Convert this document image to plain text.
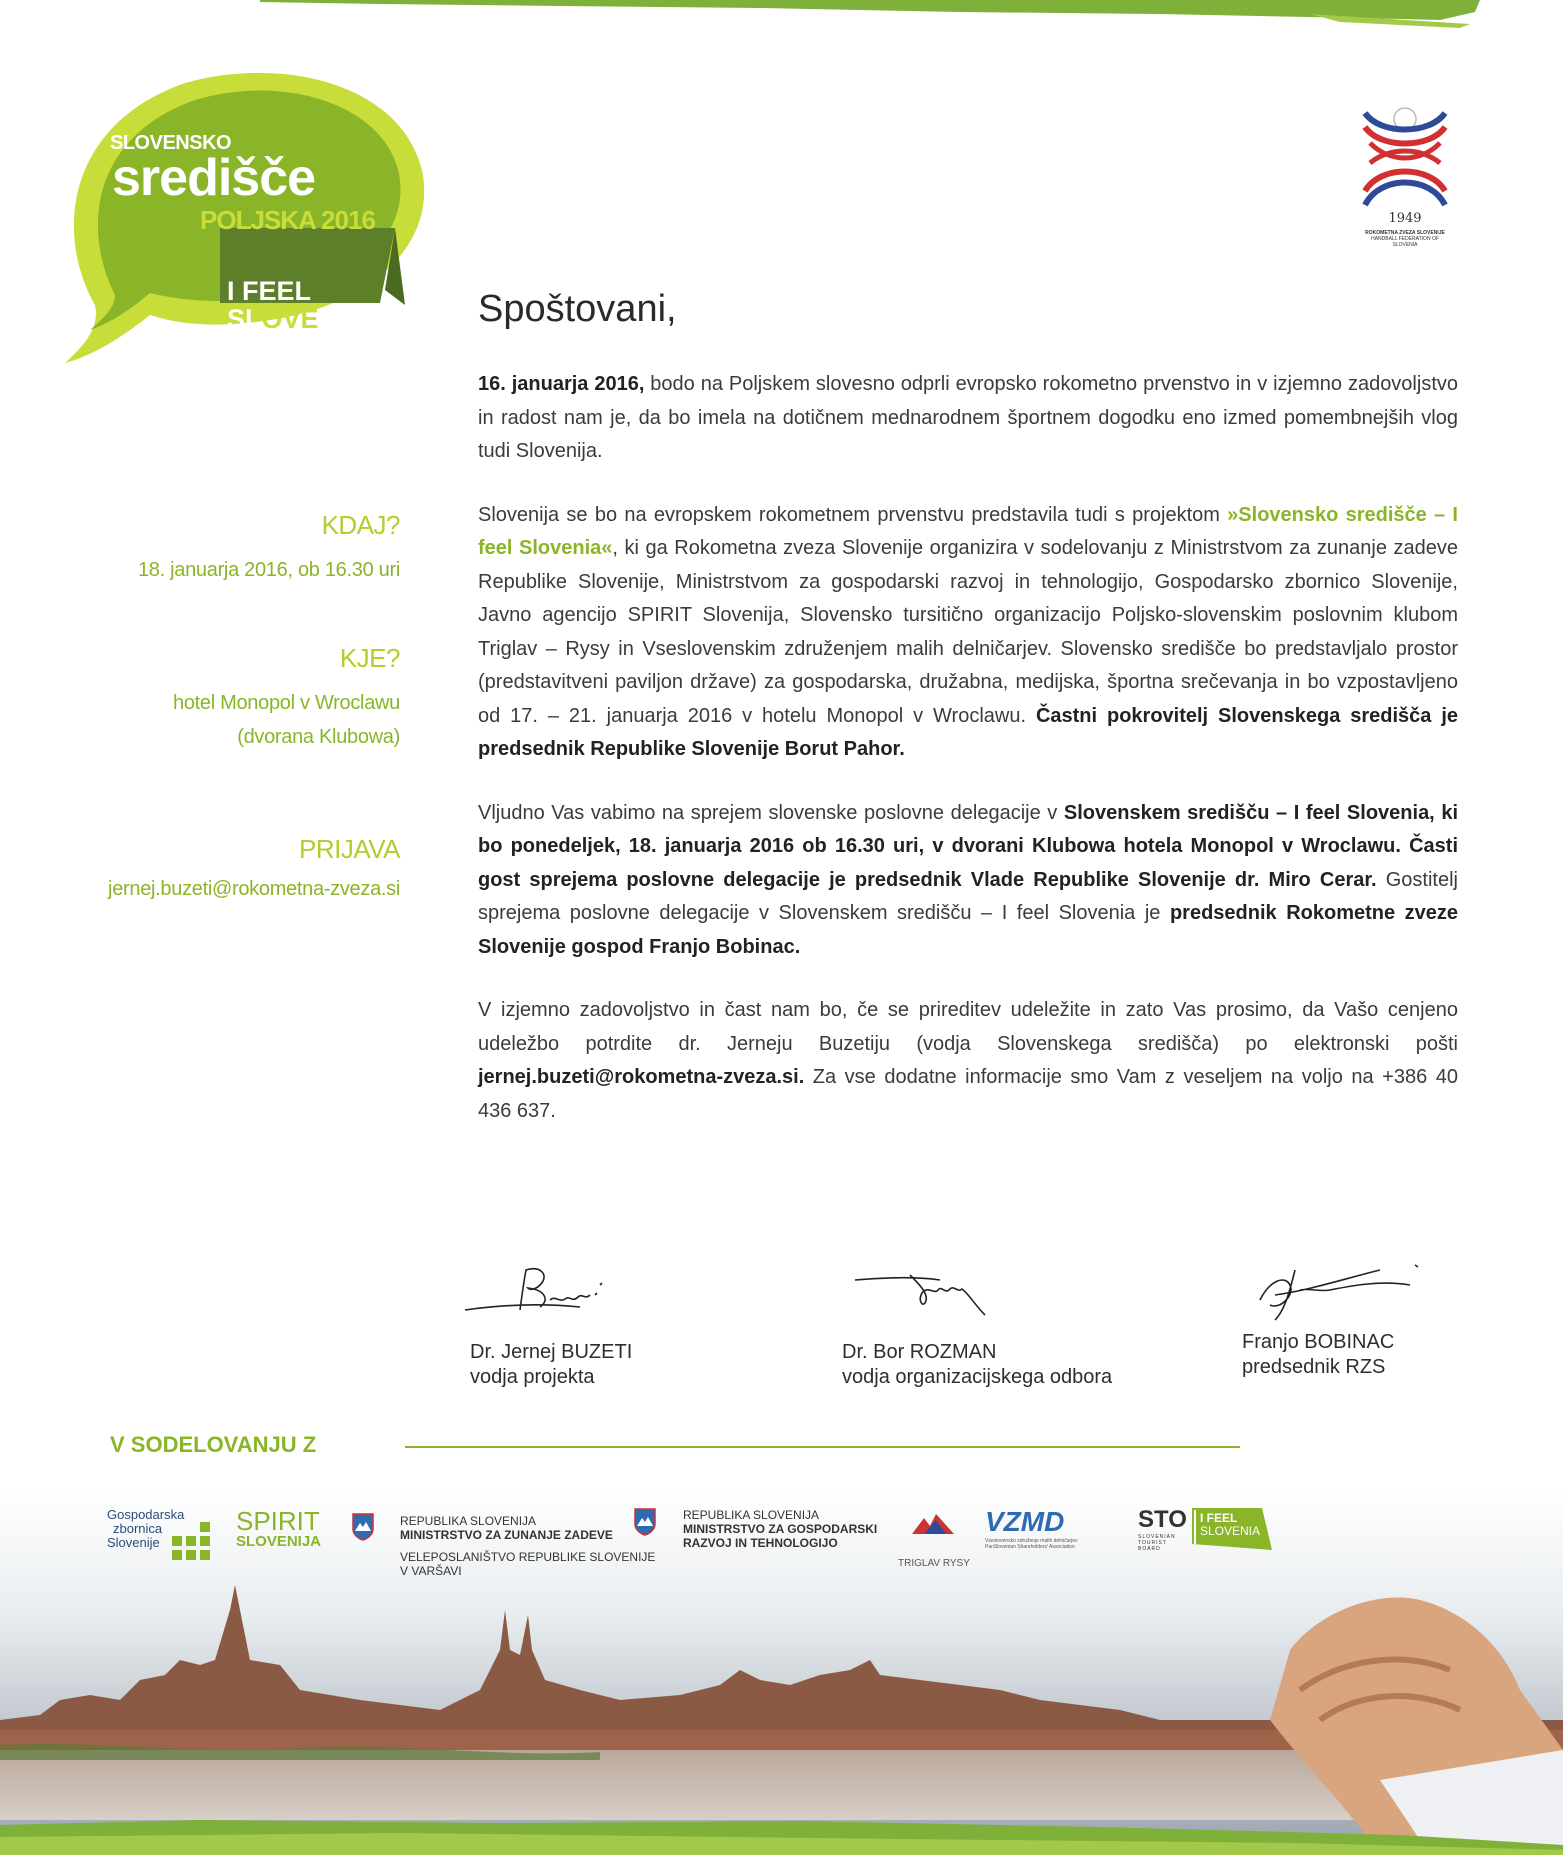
SLOVENSKO
središče
POLJSKA 2016
I FEEL
SLOVENIA
1949
ROKOMETNA ZVEZA SLOVENIJE
HANDBALL FEDERATION OF SLOVENIA
KDAJ?
18. januarja 2016, ob 16.30 uri
KJE?
hotel Monopol v Wroclawu
(dvorana Klubowa)
PRIJAVA
jernej.buzeti@rokometna-zveza.si
Spoštovani,

16. januarja 2016, bodo na Poljskem slovesno odprli evropsko rokometno prvenstvo in v izjemno zadovoljstvo in radost nam je, da bo imela na dotičnem mednarodnem športnem dogodku eno izmed pomembnejših vlog tudi Slovenija.

Slovenija se bo na evropskem rokometnem prvenstvu predstavila tudi s projektom »Slovensko središče – I feel Slovenia«, ki ga Rokometna zveza Slovenije organizira v sodelovanju z Ministrstvom za zunanje zadeve Republike Slovenije, Ministrstvom za gospodarski razvoj in tehnologijo, Gospodarsko zbornico Slovenije, Javno agencijo SPIRIT Slovenija, Slovensko tursitično organizacijo Poljsko-slovenskim poslovnim klubom Triglav – Rysy in Vseslovenskim združenjem malih delničarjev. Slovensko središče bo predstavljalo prostor (predstavitveni paviljon države) za gospodarska, družabna, medijska, športna srečevanja in bo vzpostavljeno od 17. – 21. januarja 2016 v hotelu Monopol v Wroclawu. Častni pokrovitelj Slovenskega središča je predsednik Republike Slovenije Borut Pahor.

Vljudno Vas vabimo na sprejem slovenske poslovne delegacije v Slovenskem središču – I feel Slovenia, ki bo ponedeljek, 18. januarja 2016 ob 16.30 uri, v dvorani Klubowa hotela Monopol v Wroclawu. Časti gost sprejema poslovne delegacije je predsednik Vlade Republike Slovenije dr. Miro Cerar. Gostitelj sprejema poslovne delegacije v Slovenskem središču – I feel Slovenia je predsednik Rokometne zveze Slovenije gospod Franjo Bobinac.

V izjemno zadovoljstvo in čast nam bo, če se prireditev udeležite in zato Vas prosimo, da Vašo cenjeno udeležbo potrdite dr. Jerneju Buzetiju (vodja Slovenskega središča) po elektronski pošti jernej.buzeti@rokometna-zveza.si. Za vse dodatne informacije smo Vam z veseljem na voljo na +386 40 436 637.

Dr. Jernej BUZETI
vodja projekta
Dr. Bor ROZMAN
vodja organizacijskega odbora
Franjo BOBINAC
predsednik RZS
V SODELOVANJU Z
Gospodarska
zbornica
Slovenije
SPIRIT
SLOVENIJA
REPUBLIKA SLOVENIJA
MINISTRSTVO ZA ZUNANJE ZADEVE
VELEPOSLANIŠTVO REPUBLIKE SLOVENIJE
V VARŠAVI
REPUBLIKA SLOVENIJA
MINISTRSTVO ZA GOSPODARSKI
RAZVOJ IN TEHNOLOGIJO
TRIGLAV RYSY
VZMD
Vseslovensko združenje malih delničarjev
PanSlovenian Shareholders' Association
STO
SLOVENIAN TOURIST BOARD
I FEEL
SLOVENIA
